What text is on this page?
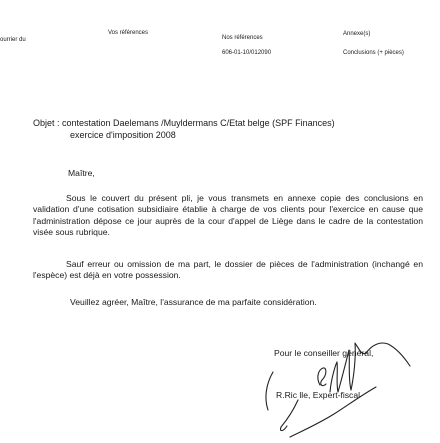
ourrier du
Vos références
Nos références
606-01-10/012090
Annexe(s)
Conclusions (+ pièces)
Objet : contestation Daelemans /Muyldermans C/Etat belge (SPF Finances)
exercice d'imposition 2008
Maître,
Sous le couvert du présent pli, je vous transmets en annexe copie des conclusions en validation d'une cotisation subsidiaire établie à charge de vos clients pour l'exercice en cause que l'administration dépose ce jour auprès de la cour d'appel de Liège dans le cadre de la contestation visée sous rubrique.
Sauf erreur ou omission de ma part, le dossier de pièces de l'administration (inchangé en l'espèce) est déjà en votre possession.
Veuillez agréer, Maître, l'assurance de ma parfaite considération.
Pour le conseiller général,
R.Ric lle, Expert-fiscal
